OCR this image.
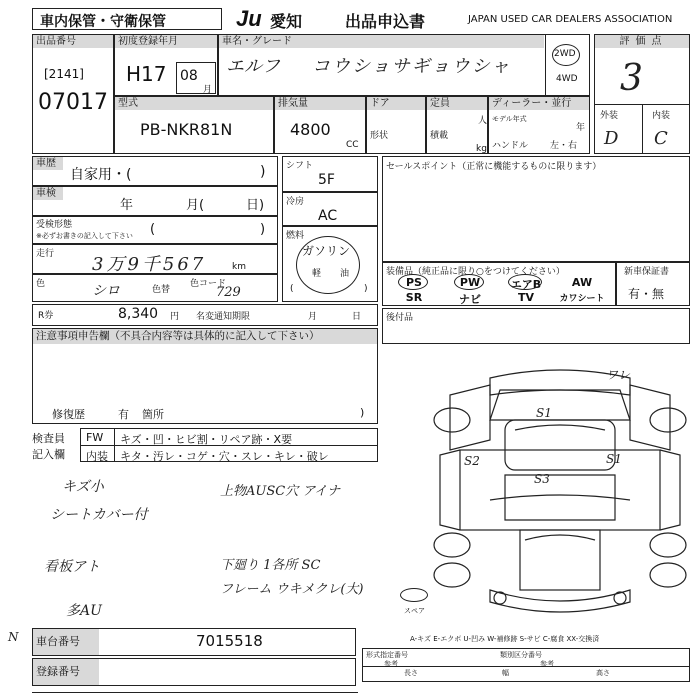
車内保管・守衛保管	Ju 愛知	出品申込書	JAPAN USED CAR DEALERS ASSOCIATION
出品番号
[2141]
07017
初度登録年月
H17 08
月
車名・グレード
エルフ コウショサギョウシャ
2WD
4WD
評価点
3
外装	内装
D C
型式
PB-NKR81N
排気量
4800
CC
ドア
形状
定員
人
積載
kg
ディーラー・並行
モデル年式
年
ハンドル 左・右
車歴
自家用・(	)
車検
年	月(	日)
受検形態
※必ずお書きの記入して下さい (	)
走行 3万9千567	km
色	シロ	色替
色コード
729
シフト
5F
冷房
AC
燃料
ガソリン
軽 油
(	)
セールスポイント（正常に機能するものに限ります）
装備品（純正品に限り○をつけてください）
PS	PW	エアB	AW
SR	ナビ	TV	カワシート
新車保証書
有・無
R券	8,340 円 名変通知期限	月	日	後付品
注意事項申告欄（不具合内容等は具体的に記入して下さい）
修復歴	有 箇所	)
検査員
記入欄
FW キズ・凹・ヒビ割・リペア跡・X要
内装 キタ・汚レ・コゲ・穴・スレ・キレ・破レ
キズ小
シートカバー付
看板アト
多AU
上物AUSC穴 アイナ
下廻り 1各所 SC
フレーム ウキメクレ(大)
N
ワレ
S1
S1
S2
S3
スペア
A-キズ E-エクボ U-凹み W-補修跡 S-サビ C-腐食 XX-交換済
車台番号	7015518
登録番号
形式指定番号
参考
類別区分番号
参考
長さ	幅	高さ
